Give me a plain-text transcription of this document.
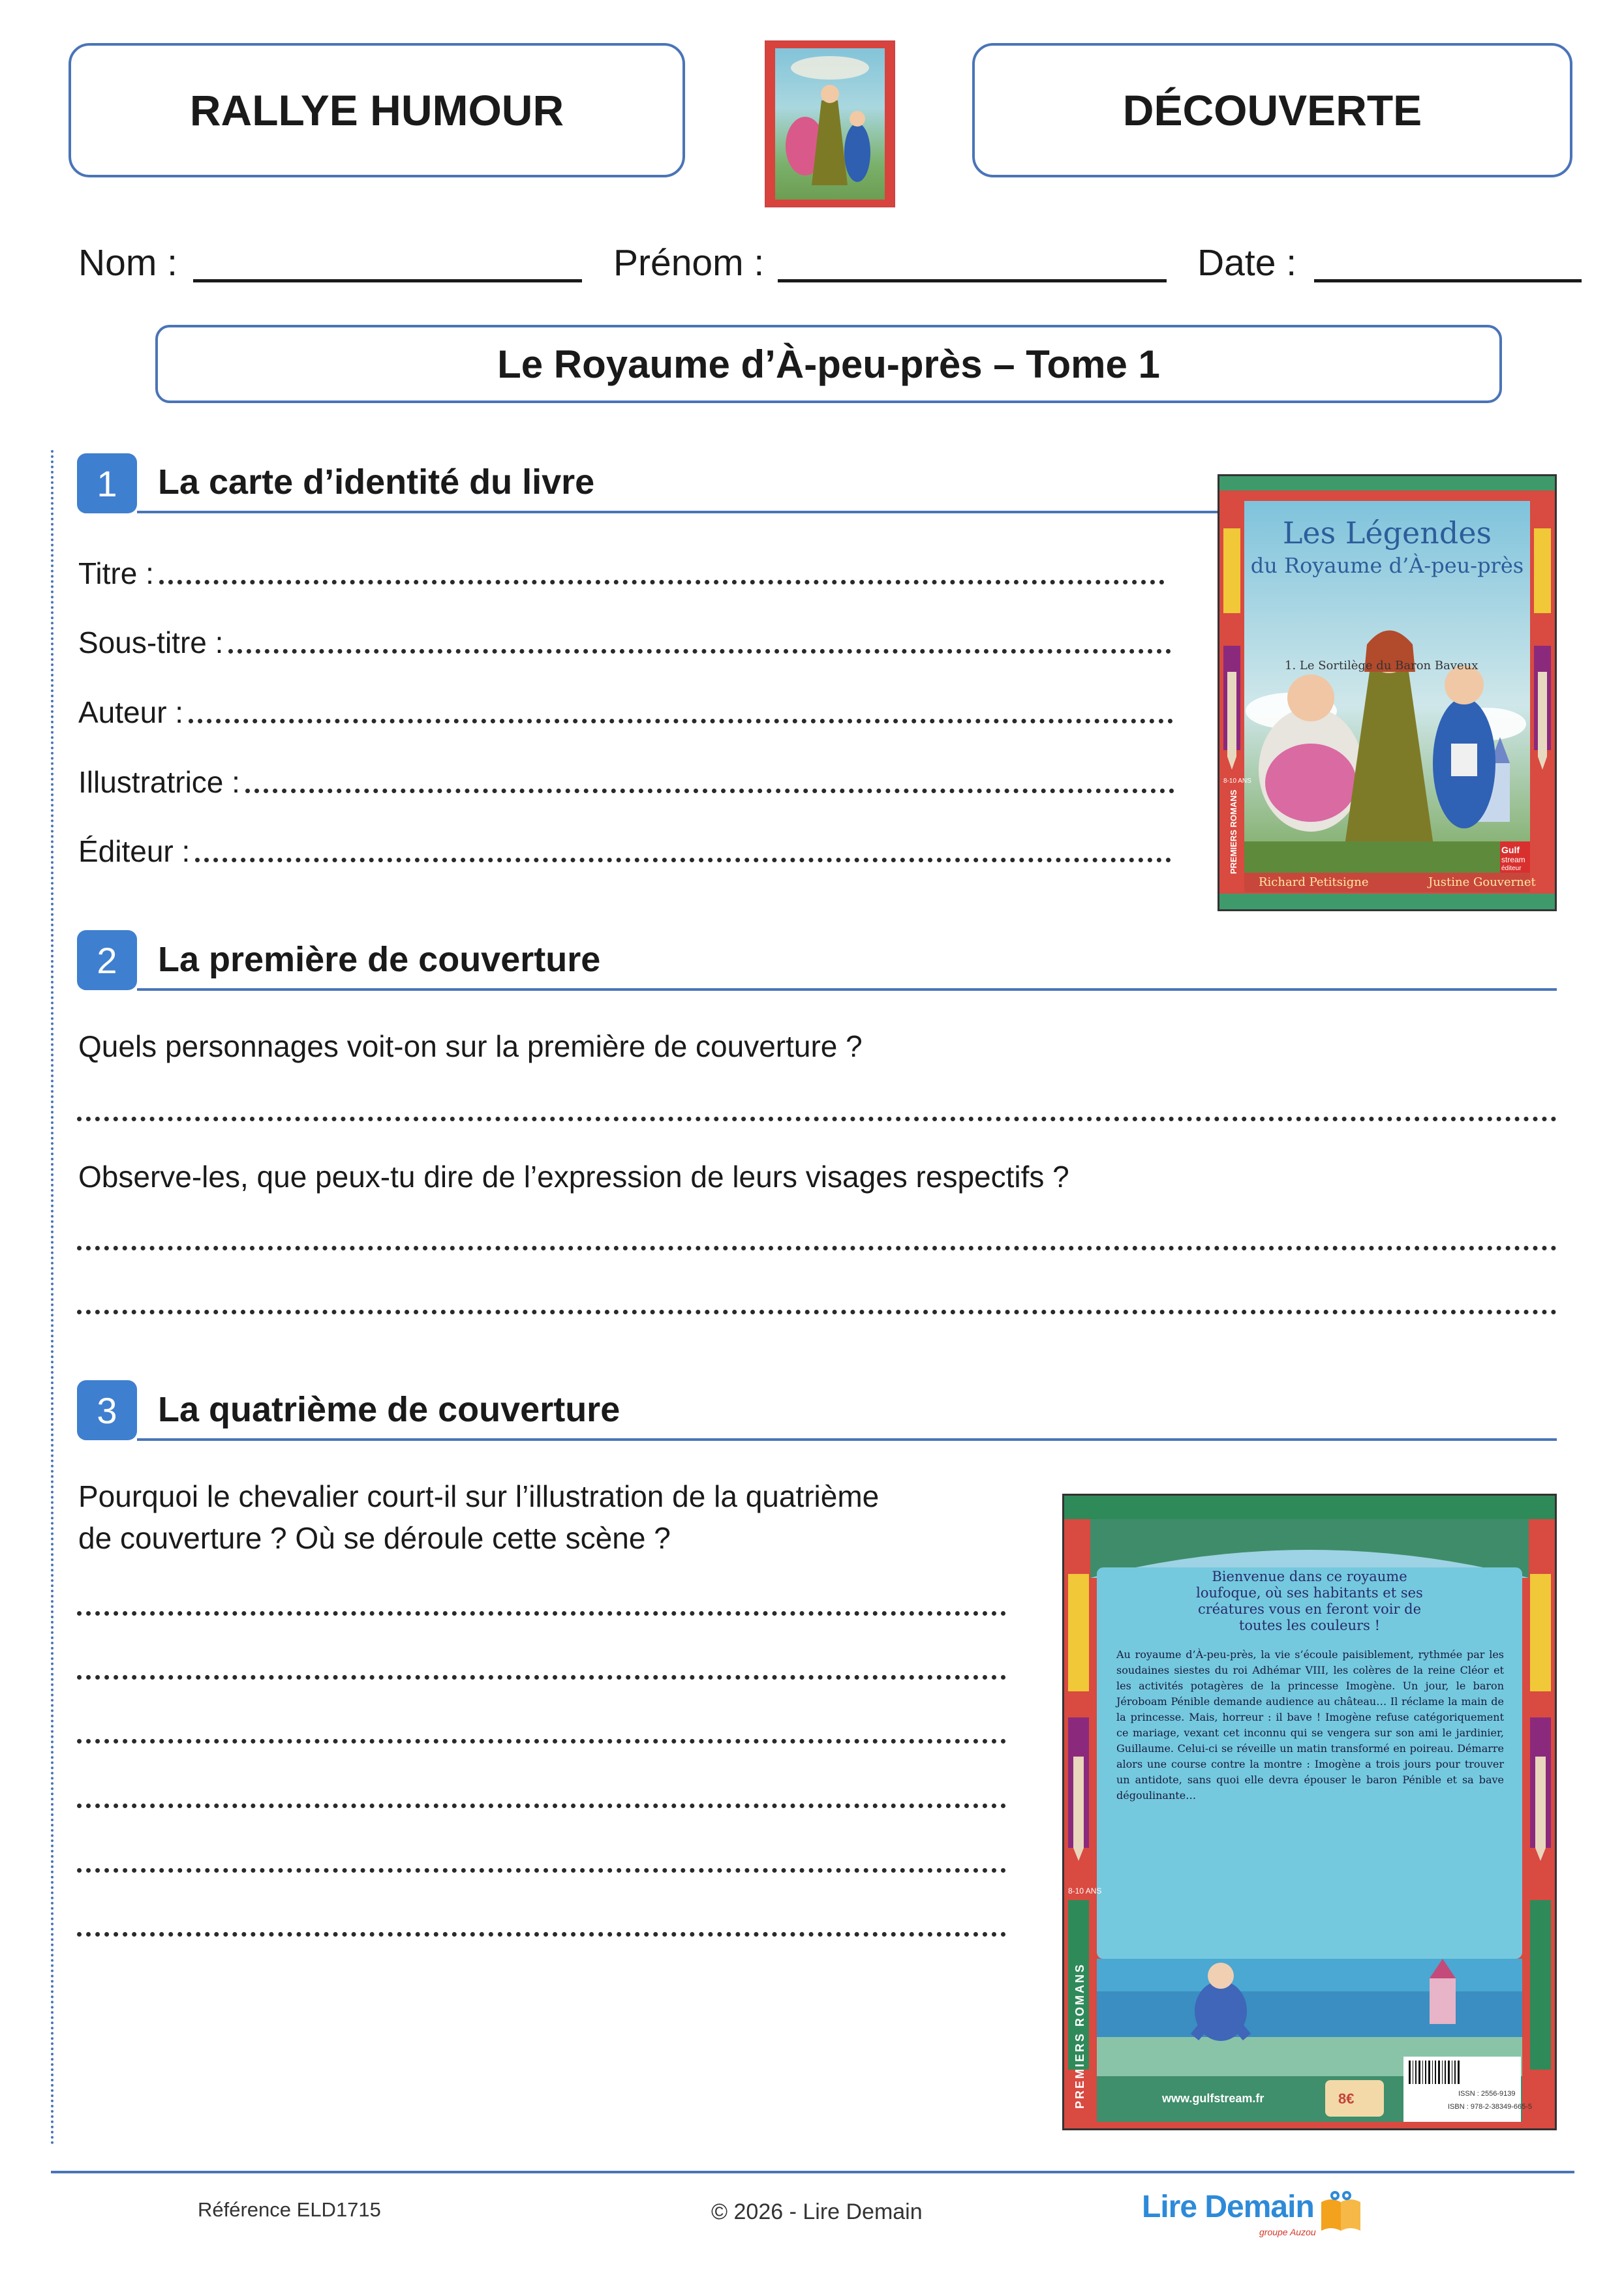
RALLYE HUMOUR	DÉCOUVERTE
Nom :	Prénom :	Date :
Le Royaume d’À-peu-près – Tome 1
1	La carte d’identité du livre
Titre :
Sous-titre :
Auteur :
Illustratrice :
Éditeur :
1. Le Sortilège du Baron Baveux
Richard Petitsigne	Justine Gouvernet
Gulf
stream
éditeur
PREMIERS ROMANS
8-10 ANS
Les Légendes
du Royaume d’À-peu-près
2	La première de couverture
Quels personnages voit-on sur la première de couverture ?
Observe-les, que peux-tu dire de l’expression de leurs visages respectifs ?
3	La quatrième de couverture
Pourquoi le chevalier court-il sur l’illustration de la quatrième
de couverture ? Où se déroule cette scène ?
PREMIERS ROMANS
8-10 ANS
www.gulfstream.fr	8€	ISSN : 2556-9139
ISBN : 978-2-38349-665-5
Bienvenue dans ce royaume loufoque, où ses habitants et ses créatures vous en feront voir de toutes les couleurs !
Au royaume d’À-peu-près, la vie s’écoule paisiblement, rythmée par les soudaines siestes du roi Adhémar VIII, les colères de la reine Cléor et les activités potagères de la princesse Imogène. Un jour, le baron Jéroboam Pénible demande audience au château… Il réclame la main de la princesse. Mais, horreur : il bave ! Imogène refuse catégoriquement ce mariage, vexant cet inconnu qui se vengera sur son ami le jardinier, Guillaume. Celui-ci se réveille un matin transformé en poireau. Démarre alors une course contre la montre : Imogène a trois jours pour trouver un antidote, sans quoi elle devra épouser le baron Pénible et sa bave dégoulinante…
Référence ELD1715	© 2026 - Lire Demain	Lire Demain
groupe Auzou
